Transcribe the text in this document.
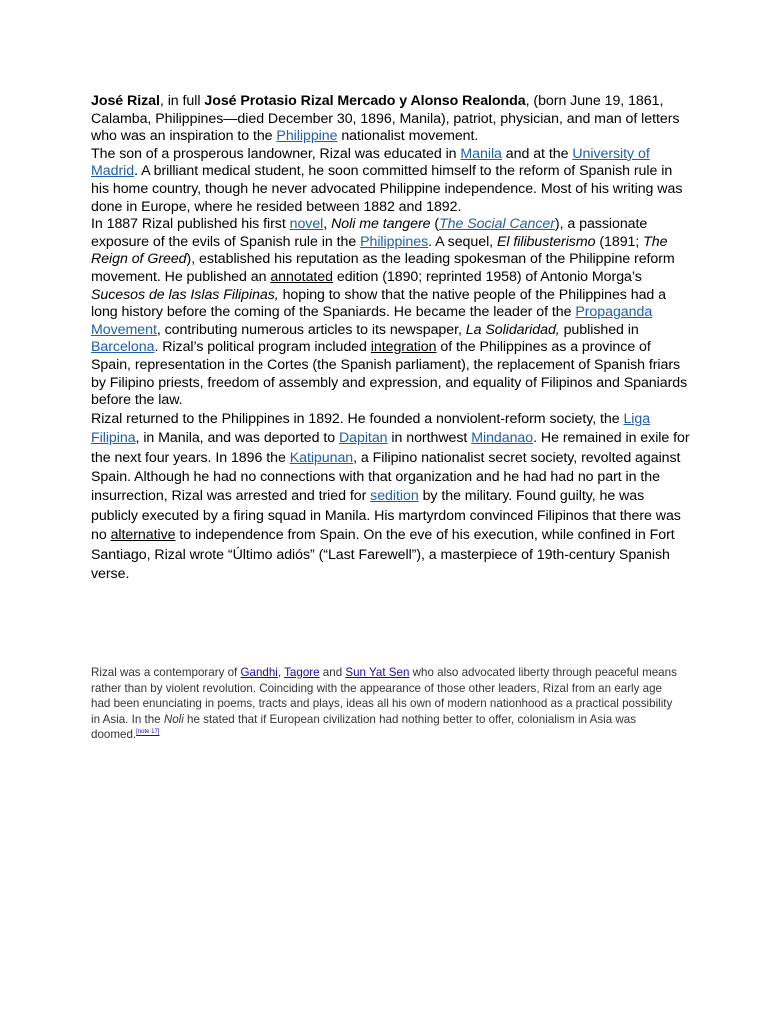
José Rizal, in full José Protasio Rizal Mercado y Alonso Realonda, (born June 19, 1861, Calamba, Philippines—died December 30, 1896, Manila), patriot, physician, and man of letters who was an inspiration to the Philippine nationalist movement.

The son of a prosperous landowner, Rizal was educated in Manila and at the University of Madrid. A brilliant medical student, he soon committed himself to the reform of Spanish rule in his home country, though he never advocated Philippine independence. Most of his writing was done in Europe, where he resided between 1882 and 1892.

In 1887 Rizal published his first novel, Noli me tangere (The Social Cancer), a passionate exposure of the evils of Spanish rule in the Philippines. A sequel, El filibusterismo (1891; The Reign of Greed), established his reputation as the leading spokesman of the Philippine reform movement. He published an annotated edition (1890; reprinted 1958) of Antonio Morga’s Sucesos de las Islas Filipinas, hoping to show that the native people of the Philippines had a long history before the coming of the Spaniards. He became the leader of the Propaganda Movement, contributing numerous articles to its newspaper, La Solidaridad, published in Barcelona. Rizal’s political program included integration of the Philippines as a province of Spain, representation in the Cortes (the Spanish parliament), the replacement of Spanish friars by Filipino priests, freedom of assembly and expression, and equality of Filipinos and Spaniards before the law.

Rizal returned to the Philippines in 1892. He founded a nonviolent-reform society, the Liga Filipina, in Manila, and was deported to Dapitan in northwest Mindanao. He remained in exile for the next four years. In 1896 the Katipunan, a Filipino nationalist secret society, revolted against Spain. Although he had no connections with that organization and he had had no part in the insurrection, Rizal was arrested and tried for sedition by the military. Found guilty, he was publicly executed by a firing squad in Manila. His martyrdom convinced Filipinos that there was no alternative to independence from Spain. On the eve of his execution, while confined in Fort Santiago, Rizal wrote “Último adiós” (“Last Farewell”), a masterpiece of 19th-century Spanish verse.

Rizal was a contemporary of Gandhi, Tagore and Sun Yat Sen who also advocated liberty through peaceful means rather than by violent revolution. Coinciding with the appearance of those other leaders, Rizal from an early age had been enunciating in poems, tracts and plays, ideas all his own of modern nationhood as a practical possibility in Asia. In the Noli he stated that if European civilization had nothing better to offer, colonialism in Asia was doomed.[note 17]
